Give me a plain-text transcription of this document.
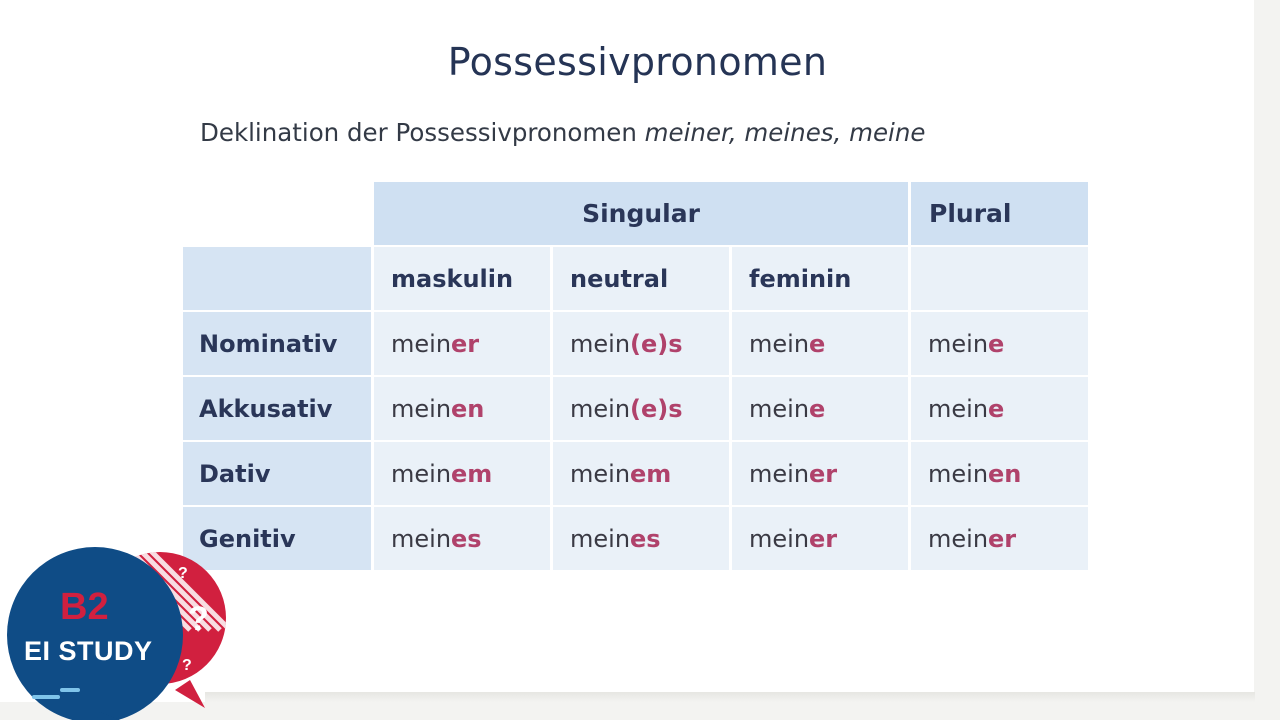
Possessivpronomen
Deklination der Possessivpronomen meiner, meines, meine
	Singular			Plural
	maskulin	neutral	feminin	
Nominativ	meiner	mein(e)s	meine	meine
Akkusativ	meinen	mein(e)s	meine	meine
Dativ	meinem	meinem	meiner	meinen
Genitiv	meines	meines	meiner	meiner
?
?
?
B2
EI STUDY
